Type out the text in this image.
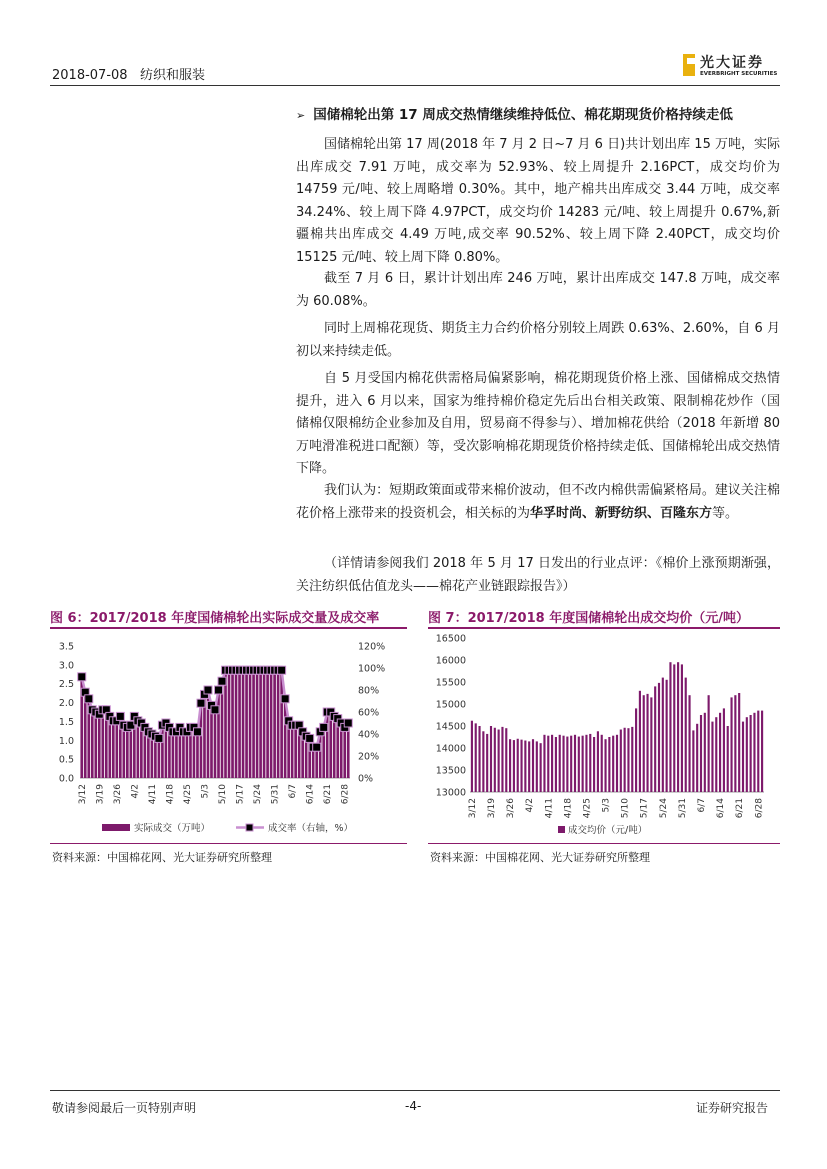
2018-07-08 纺织和服装
光大证券
EVERBRIGHT SECURITIES
➢ 国储棉轮出第 17 周成交热情继续维持低位、棉花期现货价格持续走低

国储棉轮出第 17 周(2018 年 7 月 2 日~7 月 6 日)共计划出库 15 万吨，实际出库成交 7.91 万吨，成交率为 52.93%、较上周提升 2.16PCT，成交均价为 14759 元/吨、较上周略增 0.30%。其中，地产棉共出库成交 3.44 万吨，成交率 34.24%、较上周下降 4.97PCT，成交均价 14283 元/吨、较上周提升 0.67%,新疆棉共出库成交 4.49 万吨,成交率 90.52%、较上周下降 2.40PCT，成交均价 15125 元/吨、较上周下降 0.80%。

截至 7 月 6 日，累计计划出库 246 万吨，累计出库成交 147.8 万吨，成交率为 60.08%。

同时上周棉花现货、期货主力合约价格分别较上周跌 0.63%、2.60%，自 6 月初以来持续走低。

自 5 月受国内棉花供需格局偏紧影响，棉花期现货价格上涨、国储棉成交热情提升，进入 6 月以来，国家为维持棉价稳定先后出台相关政策、限制棉花炒作（国储棉仅限棉纺企业参加及自用，贸易商不得参与）、增加棉花供给（2018 年新增 80 万吨滑准税进口配额）等，受次影响棉花期现货价格持续走低、国储棉轮出成交热情下降。

我们认为：短期政策面或带来棉价波动，但不改内棉供需偏紧格局。建议关注棉花价格上涨带来的投资机会，相关标的为华孚时尚、新野纺织、百隆东方等。

（详情请参阅我们 2018 年 5 月 17 日发出的行业点评：《棉价上涨预期渐强，关注纺织低估值龙头——棉花产业链跟踪报告》）

图 6：2017/2018 年度国储棉轮出实际成交量及成交率
0.0
0.5
1.0
1.5
2.0
2.5
3.0
3.5
0%
20%
40%
60%
80%
100%
120%
3/12 3/19 3/26 4/2 4/11 4/18 4/25 5/3 5/10 5/17 5/24 5/31 6/7 6/14 6/21 6/28
实际成交（万吨）	成交率（右轴，%）
资料来源：中国棉花网、光大证券研究所整理
图 7：2017/2018 年度国储棉轮出成交均价（元/吨）
13000
13500
14000
14500
15000
15500
16000
16500
3/12 3/19 3/26 4/2 4/11 4/18 4/25 5/3 5/10 5/17 5/24 5/31 6/7 6/14 6/21 6/28
成交均价（元/吨）
资料来源：中国棉花网、光大证券研究所整理
敬请参阅最后一页特别声明	-4-	证券研究报告
